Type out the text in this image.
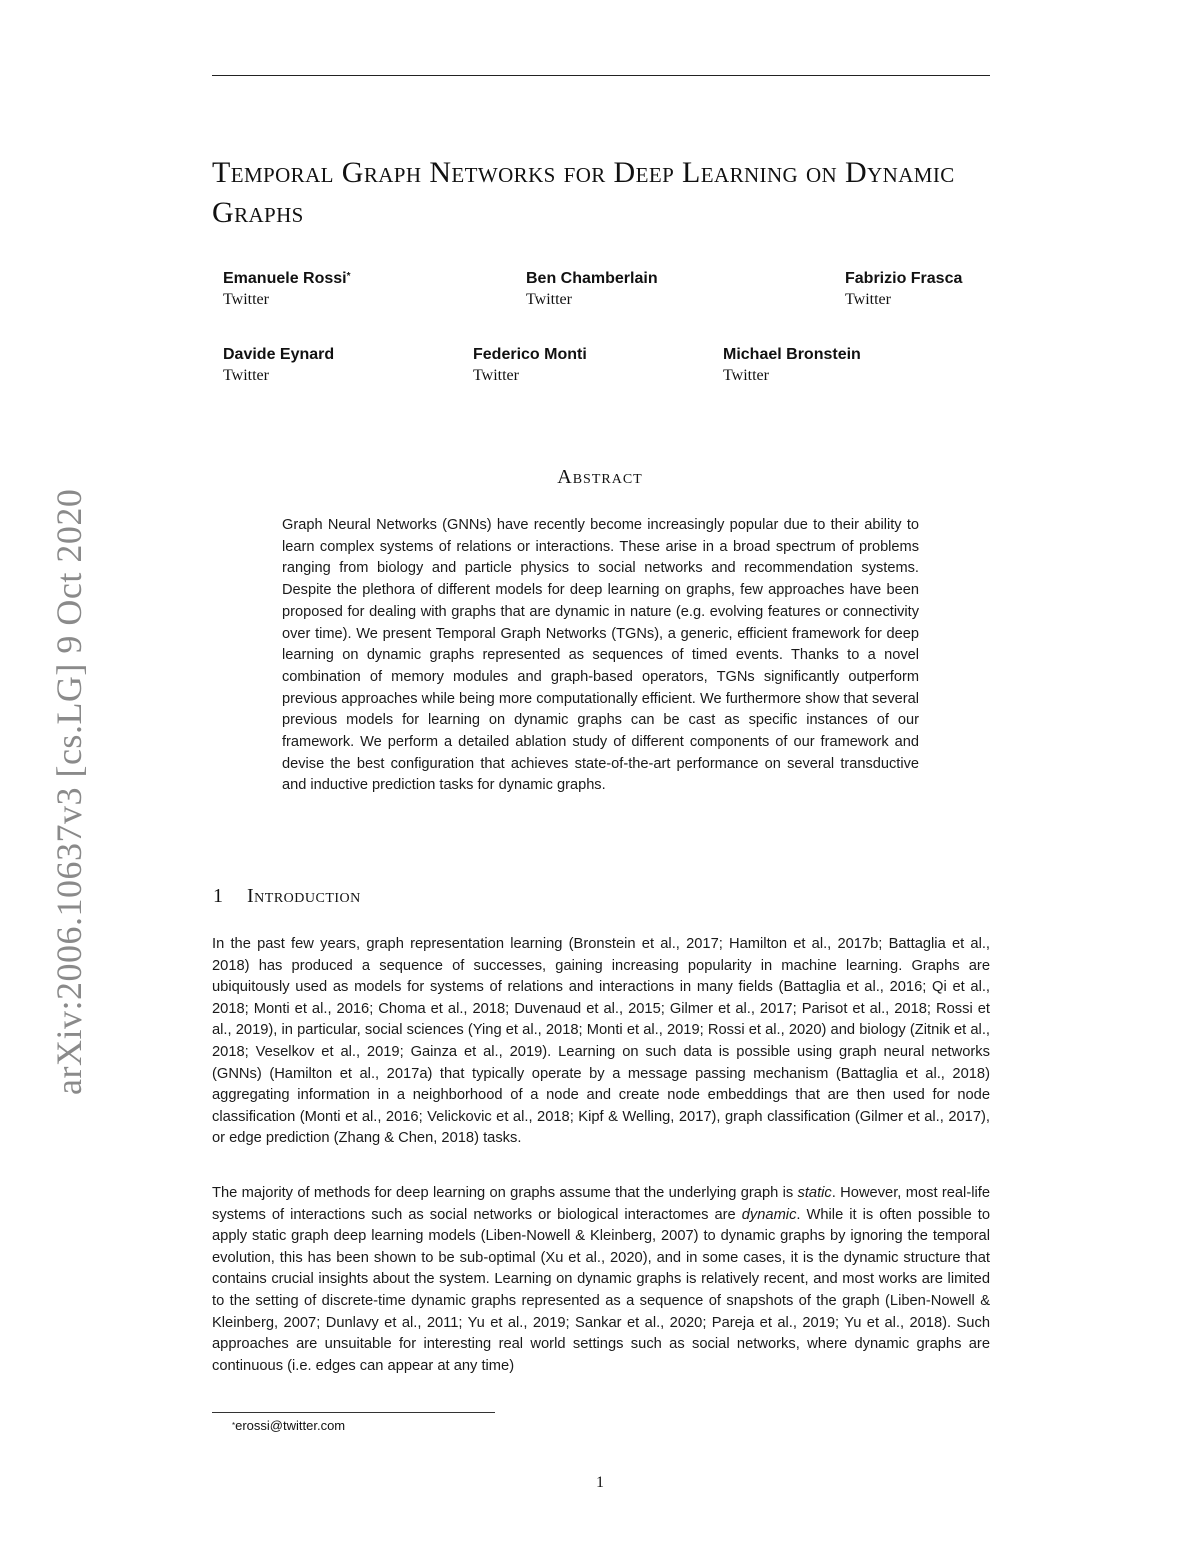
arXiv:2006.10637v3 [cs.LG] 9 Oct 2020
Temporal Graph Networks for Deep Learning on Dynamic Graphs
Emanuele Rossi*
Twitter
Ben Chamberlain
Twitter
Fabrizio Frasca
Twitter
Davide Eynard
Twitter
Federico Monti
Twitter
Michael Bronstein
Twitter
Abstract

Graph Neural Networks (GNNs) have recently become increasingly popular due to their ability to learn complex systems of relations or interactions. These arise in a broad spectrum of problems ranging from biology and particle physics to social networks and recommendation systems. Despite the plethora of different models for deep learning on graphs, few approaches have been proposed for dealing with graphs that are dynamic in nature (e.g. evolving features or connectivity over time). We present Temporal Graph Networks (TGNs), a generic, efficient framework for deep learning on dynamic graphs represented as sequences of timed events. Thanks to a novel combination of memory modules and graph-based operators, TGNs significantly outperform previous approaches while being more computationally efficient. We furthermore show that several previous models for learning on dynamic graphs can be cast as specific instances of our framework. We perform a detailed ablation study of different components of our framework and devise the best configuration that achieves state-of-the-art performance on several transductive and inductive prediction tasks for dynamic graphs.

1 Introduction

In the past few years, graph representation learning (Bronstein et al., 2017; Hamilton et al., 2017b; Battaglia et al., 2018) has produced a sequence of successes, gaining increasing popularity in machine learning. Graphs are ubiquitously used as models for systems of relations and interactions in many fields (Battaglia et al., 2016; Qi et al., 2018; Monti et al., 2016; Choma et al., 2018; Duvenaud et al., 2015; Gilmer et al., 2017; Parisot et al., 2018; Rossi et al., 2019), in particular, social sciences (Ying et al., 2018; Monti et al., 2019; Rossi et al., 2020) and biology (Zitnik et al., 2018; Veselkov et al., 2019; Gainza et al., 2019). Learning on such data is possible using graph neural networks (GNNs) (Hamilton et al., 2017a) that typically operate by a message passing mechanism (Battaglia et al., 2018) aggregating information in a neighborhood of a node and create node embeddings that are then used for node classification (Monti et al., 2016; Velickovic et al., 2018; Kipf & Welling, 2017), graph classification (Gilmer et al., 2017), or edge prediction (Zhang & Chen, 2018) tasks.

The majority of methods for deep learning on graphs assume that the underlying graph is static. However, most real-life systems of interactions such as social networks or biological interactomes are dynamic. While it is often possible to apply static graph deep learning models (Liben-Nowell & Kleinberg, 2007) to dynamic graphs by ignoring the temporal evolution, this has been shown to be sub-optimal (Xu et al., 2020), and in some cases, it is the dynamic structure that contains crucial insights about the system. Learning on dynamic graphs is relatively recent, and most works are limited to the setting of discrete-time dynamic graphs represented as a sequence of snapshots of the graph (Liben-Nowell & Kleinberg, 2007; Dunlavy et al., 2011; Yu et al., 2019; Sankar et al., 2020; Pareja et al., 2019; Yu et al., 2018). Such approaches are unsuitable for interesting real world settings such as social networks, where dynamic graphs are continuous (i.e. edges can appear at any time)

*erossi@twitter.com
1
